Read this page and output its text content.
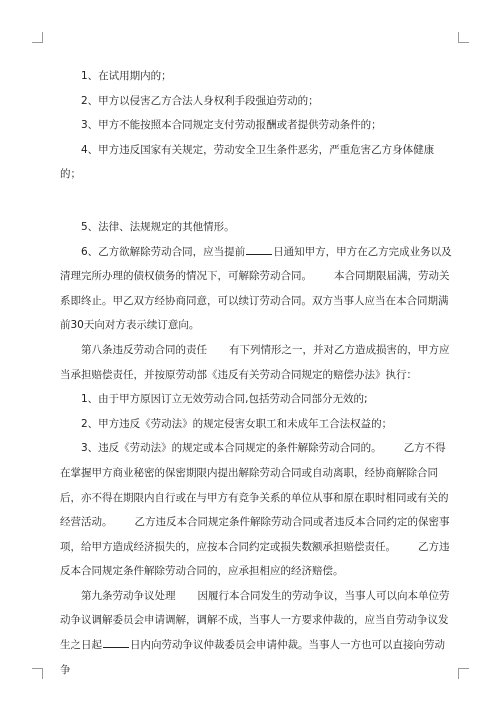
1、在试用期内的；

2、甲方以侵害乙方合法人身权利手段强迫劳动的；

3、甲方不能按照本合同规定支付劳动报酬或者提供劳动条件的；

4、甲方违反国家有关规定，劳动安全卫生条件恶劣，严重危害乙方身体健康的；

5、法律、法规规定的其他情形。

6、乙方欲解除劳动合同，应当提前	日通知甲方，甲方在乙方完成业务以及清理完所办理的债权债务的情况下，可解除劳动合同。 本合同期限届满，劳动关系即终止。甲乙双方经协商同意，可以续订劳动合同。双方当事人应当在本合同期满前30天向对方表示续订意向。

第八条违反劳动合同的责任 有下列情形之一，并对乙方造成损害的，甲方应当承担赔偿责任，并按原劳动部《违反有关劳动合同规定的赔偿办法》执行：

1、由于甲方原因订立无效劳动合同,包括劳动合同部分无效的;

2、甲方违反《劳动法》的规定侵害女职工和未成年工合法权益的；

3、违反《劳动法》的规定或本合同规定的条件解除劳动合同的。 乙方不得在掌握甲方商业秘密的保密期限内提出解除劳动合同或自动离职，经协商解除合同后，亦不得在期限内自行或在与甲方有竞争关系的单位从事和原在职时相同或有关的经营活动。 乙方违反本合同规定条件解除劳动合同或者违反本合同约定的保密事项，给甲方造成经济损失的，应按本合同约定或损失数额承担赔偿责任。 乙方违反本合同规定条件解除劳动合同的，应承担相应的经济赔偿。

第九条劳动争议处理 因履行本合同发生的劳动争议，当事人可以向本单位劳动争议调解委员会申请调解，调解不成，当事人一方要求仲裁的，应当自劳动争议发生之日起	日内向劳动争议仲裁委员会申请仲裁。当事人一方也可以直接向劳动争
